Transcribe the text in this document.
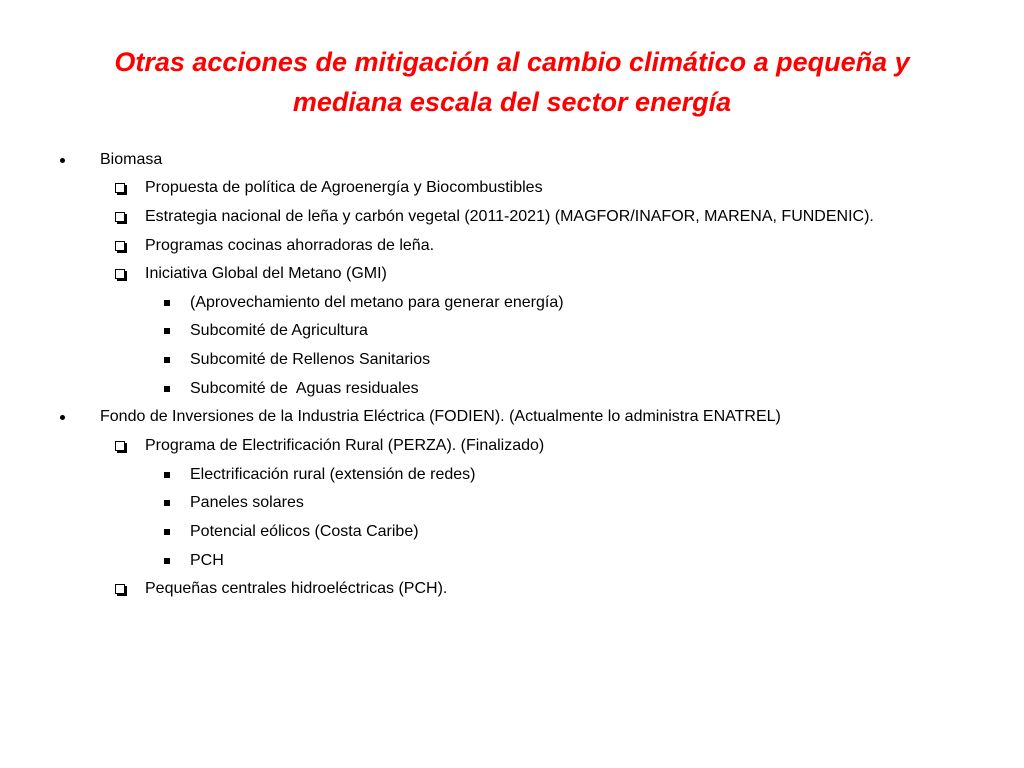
Otras acciones de mitigación al cambio climático a pequeña y
mediana escala del sector energía
Biomasa
Propuesta de política de Agroenergía y Biocombustibles
Estrategia nacional de leña y carbón vegetal (2011-2021) (MAGFOR/INAFOR, MARENA, FUNDENIC).
Programas cocinas ahorradoras de leña.
Iniciativa Global del Metano (GMI)
(Aprovechamiento del metano para generar energía)
Subcomité de Agricultura
Subcomité de Rellenos Sanitarios
Subcomité de  Aguas residuales
Fondo de Inversiones de la Industria Eléctrica (FODIEN). (Actualmente lo administra ENATREL)
Programa de Electrificación Rural (PERZA). (Finalizado)
Electrificación rural (extensión de redes)
Paneles solares
Potencial eólicos (Costa Caribe)
PCH
Pequeñas centrales hidroeléctricas (PCH).
